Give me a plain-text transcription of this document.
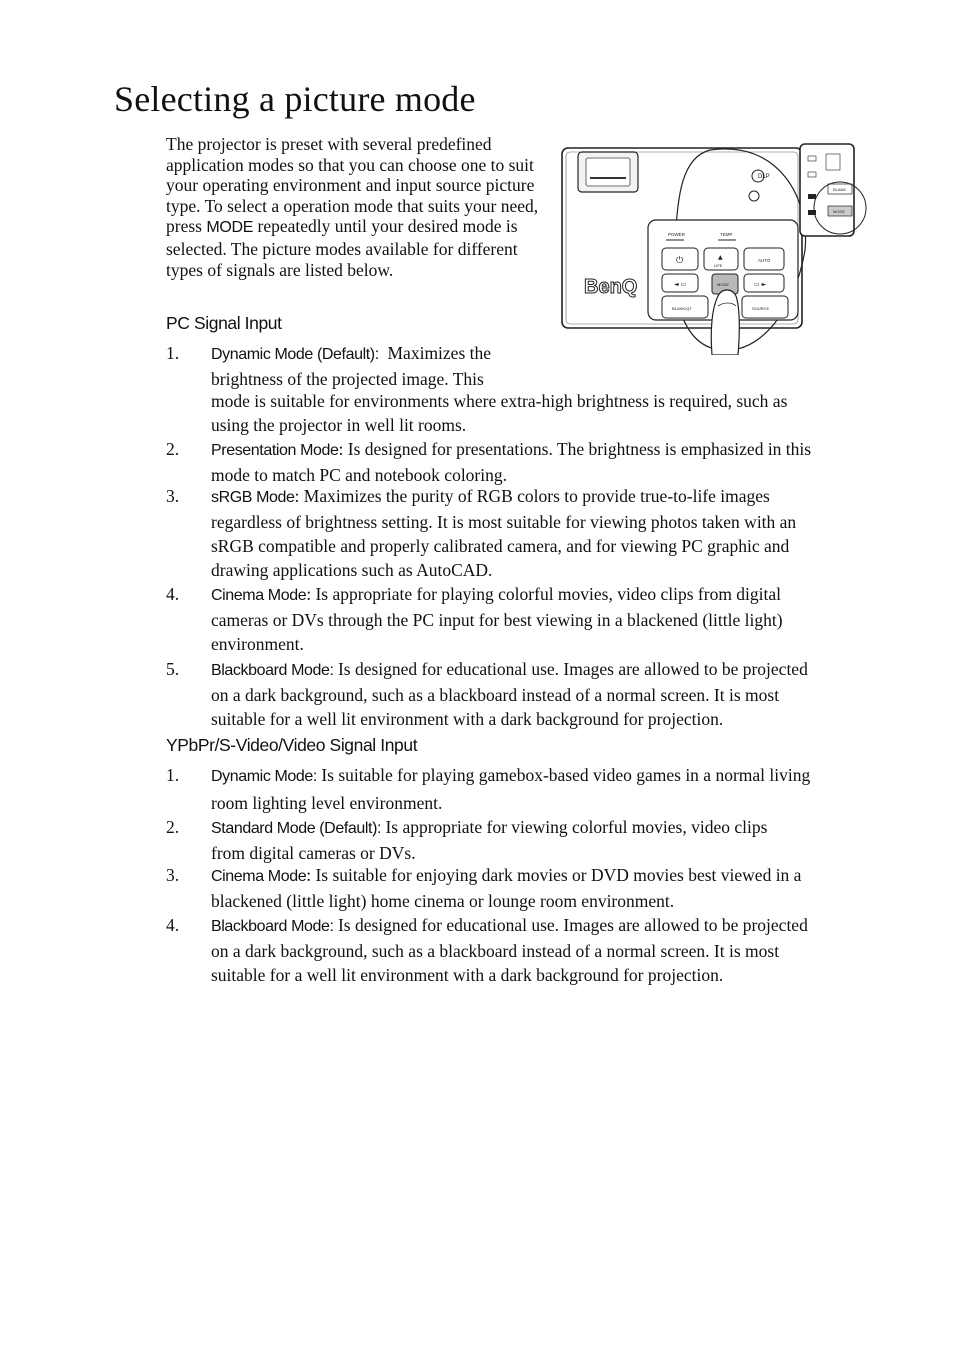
Selecting a picture mode

The projector is preset with several predefined application modes so that you can choose one to suit your operating environment and input source picture type. To select a operation mode that suits your need, press MODE repeatedly until your desired mode is selected. The picture modes available for different types of signals are listed below.

BenQ
POWER	TEMP
⏻	▲
LIFE
AUTO
◄ ▭	MODE	▭ ►
BLANK/QT	SOURCE
DLP
BLANK
MODE
PC Signal Input
1.	Dynamic Mode (Default): Maximizes the
brightness of the projected image. This
mode is suitable for environments where extra-high brightness is required, such as
using the projector in well lit rooms.
2.	Presentation Mode: Is designed for presentations. The brightness is emphasized in this
mode to match PC and notebook coloring.
3.	sRGB Mode: Maximizes the purity of RGB colors to provide true-to-life images
regardless of brightness setting. It is most suitable for viewing photos taken with an
sRGB compatible and properly calibrated camera, and for viewing PC graphic and
drawing applications such as AutoCAD.
4.	Cinema Mode: Is appropriate for playing colorful movies, video clips from digital
cameras or DVs through the PC input for best viewing in a blackened (little light)
environment.
5.	Blackboard Mode: Is designed for educational use. Images are allowed to be projected
on a dark background, such as a blackboard instead of a normal screen. It is most
suitable for a well lit environment with a dark background for projection.
YPbPr/S-Video/Video Signal Input
1.	Dynamic Mode: Is suitable for playing gamebox-based video games in a normal living
room lighting level environment.
2.	Standard Mode (Default): Is appropriate for viewing colorful movies, video clips
from digital cameras or DVs.
3.	Cinema Mode: Is suitable for enjoying dark movies or DVD movies best viewed in a
blackened (little light) home cinema or lounge room environment.
4.	Blackboard Mode: Is designed for educational use. Images are allowed to be projected
on a dark background, such as a blackboard instead of a normal screen. It is most
suitable for a well lit environment with a dark background for projection.
